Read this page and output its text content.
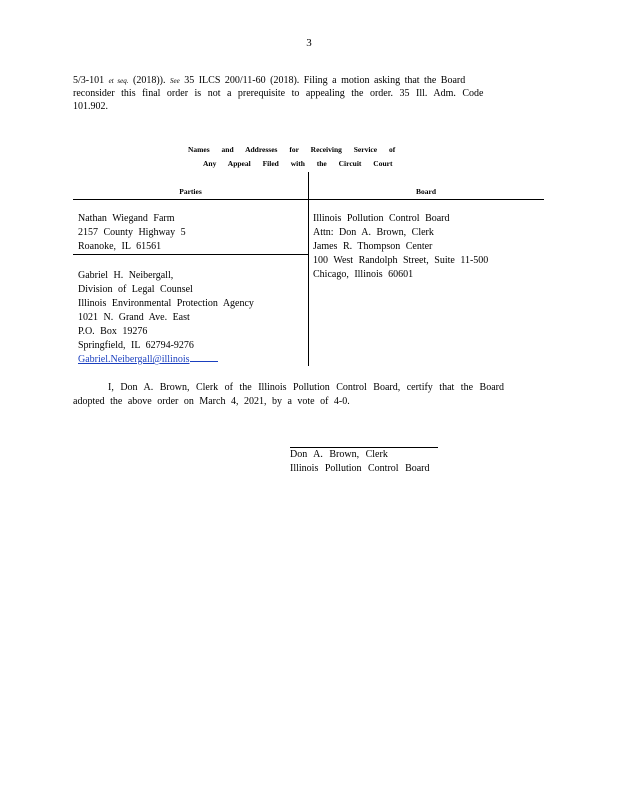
3
5/3-101 et seq. (2018)). See 35 ILCS 200/11-60 (2018). Filing a motion asking that the Board
reconsider this final order is not a prerequisite to appealing the order. 35 Ill. Adm. Code
101.902.
Names and Addresses for Receiving Service of
Any Appeal Filed with the Circuit Court
Parties	Board
Nathan Wiegand Farm
2157 County Highway 5
Roanoke, IL 61561
Gabriel H. Neibergall,
Division of Legal Counsel
Illinois Environmental Protection Agency
1021 N. Grand Ave. East
P.O. Box 19276
Springfield, IL 62794-9276
Gabriel.Neibergall@illinois
Illinois Pollution Control Board
Attn: Don A. Brown, Clerk
James R. Thompson Center
100 West Randolph Street, Suite 11-500
Chicago, Illinois 60601
I, Don A. Brown, Clerk of the Illinois Pollution Control Board, certify that the Board
adopted the above order on March 4, 2021, by a vote of 4-0.
Don A. Brown, Clerk
Illinois Pollution Control Board
